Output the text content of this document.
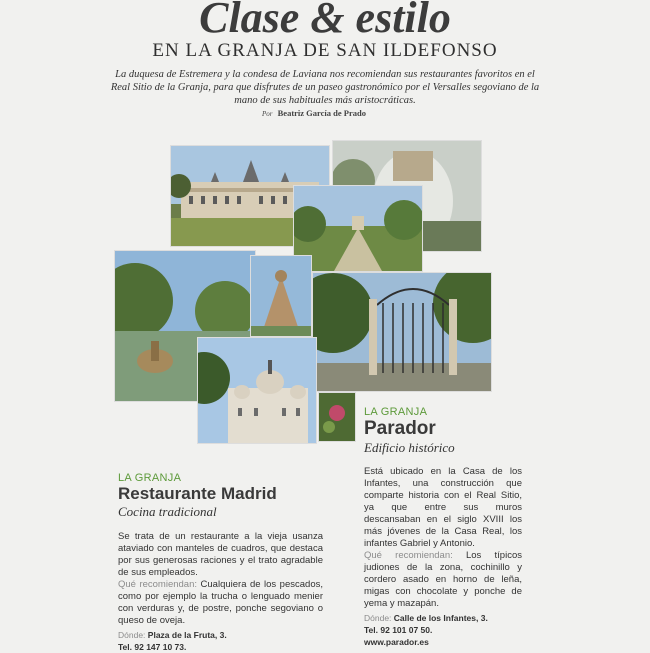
Clase & estilo
EN LA GRANJA DE SAN ILDEFONSO

La duquesa de Estremera y la condesa de Laviana nos recomiendan sus restaurantes favoritos en el Real Sitio de la Granja, para que disfrutes de un paseo gastronómico por el Versalles segoviano de la mano de sus habituales más aristocráticas.

Por Beatriz García de Prado
LA GRANJA
Parador
Edificio histórico

Está ubicado en la Casa de los Infantes, una construcción que comparte historia con el Real Sitio, ya que entre sus muros descansaban en el siglo XVIII los más jóvenes de la Casa Real, los infantes Gabriel y Antonio.

Qué recomiendan: Los típicos judiones de la zona, cochinillo y cordero asado en horno de leña, migas con chocolate y ponche de yema y mazapán.

Dónde: Calle de los Infantes, 3.
Tel. 92 101 07 50.
www.parador.es
LA GRANJA
Restaurante Madrid
Cocina tradicional

Se trata de un restaurante a la vieja usanza ataviado con manteles de cuadros, que destaca por sus generosas raciones y el trato agradable de sus empleados.

Qué recomiendan: Cualquiera de los pescados, como por ejemplo la trucha o lenguado menier con verduras y, de postre, ponche segoviano o queso de oveja.

Dónde: Plaza de la Fruta, 3.
Tel. 92 147 10 73.
